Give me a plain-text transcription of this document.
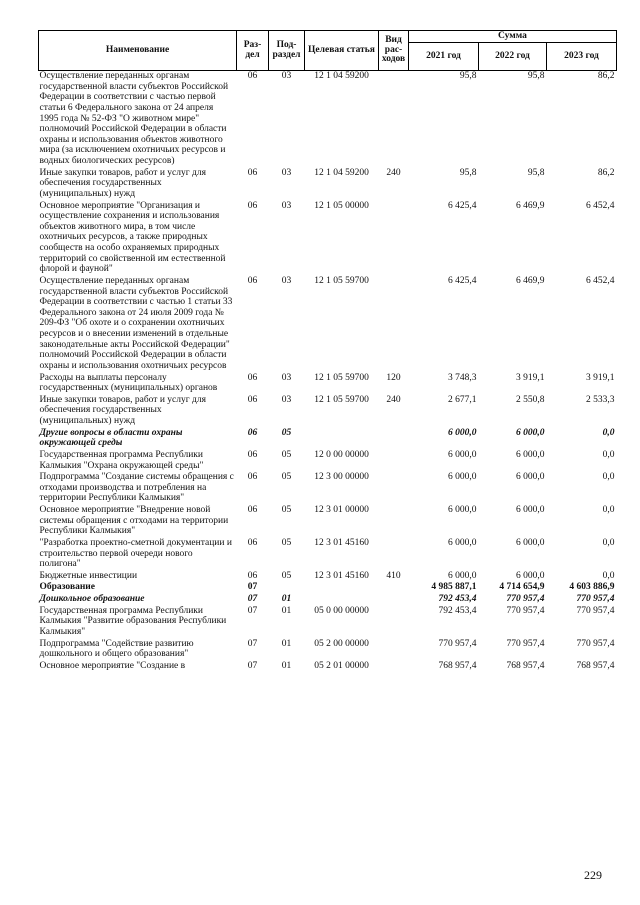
Наименование	Раз-дел	Под-раздел	Целевая статья	Вид рас-ходов	Сумма		
					2021 год	2022 год	2023 год
Осуществление переданных органам государственной власти субъектов Российской Федерации в соответствии с частью первой статьи 6 Федерального закона от 24 апреля 1995 года № 52-ФЗ "О животном мире" полномочий Российской Федерации в области охраны и использования объектов животного мира (за исключением охотничьих ресурсов и водных биологических ресурсов)	06	03	12 1 04 59200		95,8	95,8	86,2
Иные закупки товаров, работ и услуг для обеспечения государственных (муниципальных) нужд	06	03	12 1 04 59200	240	95,8	95,8	86,2
Основное мероприятие "Организация и осуществление сохранения и использования объектов животного мира, в том числе охотничьих ресурсов, а также природных сообществ на особо охраняемых природных территорий со свойственной им естественной флорой и фауной"	06	03	12 1 05 00000		6 425,4	6 469,9	6 452,4
Осуществление переданных органам государственной власти субъектов Российской Федерации в соответствии с частью 1 статьи 33 Федерального закона от 24 июля 2009 года № 209-ФЗ "Об охоте и о сохранении охотничьих ресурсов и о внесении изменений в отдельные законодательные акты Российской Федерации" полномочий Российской Федерации в области охраны и использования охотничьих ресурсов	06	03	12 1 05 59700		6 425,4	6 469,9	6 452,4
Расходы на выплаты персоналу государственных (муниципальных) органов	06	03	12 1 05 59700	120	3 748,3	3 919,1	3 919,1
Иные закупки товаров, работ и услуг для обеспечения государственных (муниципальных) нужд	06	03	12 1 05 59700	240	2 677,1	2 550,8	2 533,3
Другие вопросы в области охраны окружающей среды	06	05			6 000,0	6 000,0	0,0
Государственная программа Республики Калмыкия "Охрана окружающей среды"	06	05	12 0 00 00000		6 000,0	6 000,0	0,0
Подпрограмма "Создание системы обращения с отходами производства и потребления на территории Республики Калмыкия"	06	05	12 3 00 00000		6 000,0	6 000,0	0,0
Основное мероприятие "Внедрение новой системы обращения с отходами на территории Республики Калмыкия"	06	05	12 3 01 00000		6 000,0	6 000,0	0,0
"Разработка проектно-сметной документации и строительство первой очереди нового полигона"	06	05	12 3 01 45160		6 000,0	6 000,0	0,0
Бюджетные инвестиции	06	05	12 3 01 45160	410	6 000,0	6 000,0	0,0
Образование	07				4 985 887,1	4 714 654,9	4 603 886,9
Дошкольное образование	07	01			792 453,4	770 957,4	770 957,4
Государственная программа Республики Калмыкия "Развитие образования Республики Калмыкия"	07	01	05 0 00 00000		792 453,4	770 957,4	770 957,4
Подпрограмма "Содействие развитию дошкольного и общего образования"	07	01	05 2 00 00000		770 957,4	770 957,4	770 957,4
Основное мероприятие "Создание в	07	01	05 2 01 00000		768 957,4	768 957,4	768 957,4
229
